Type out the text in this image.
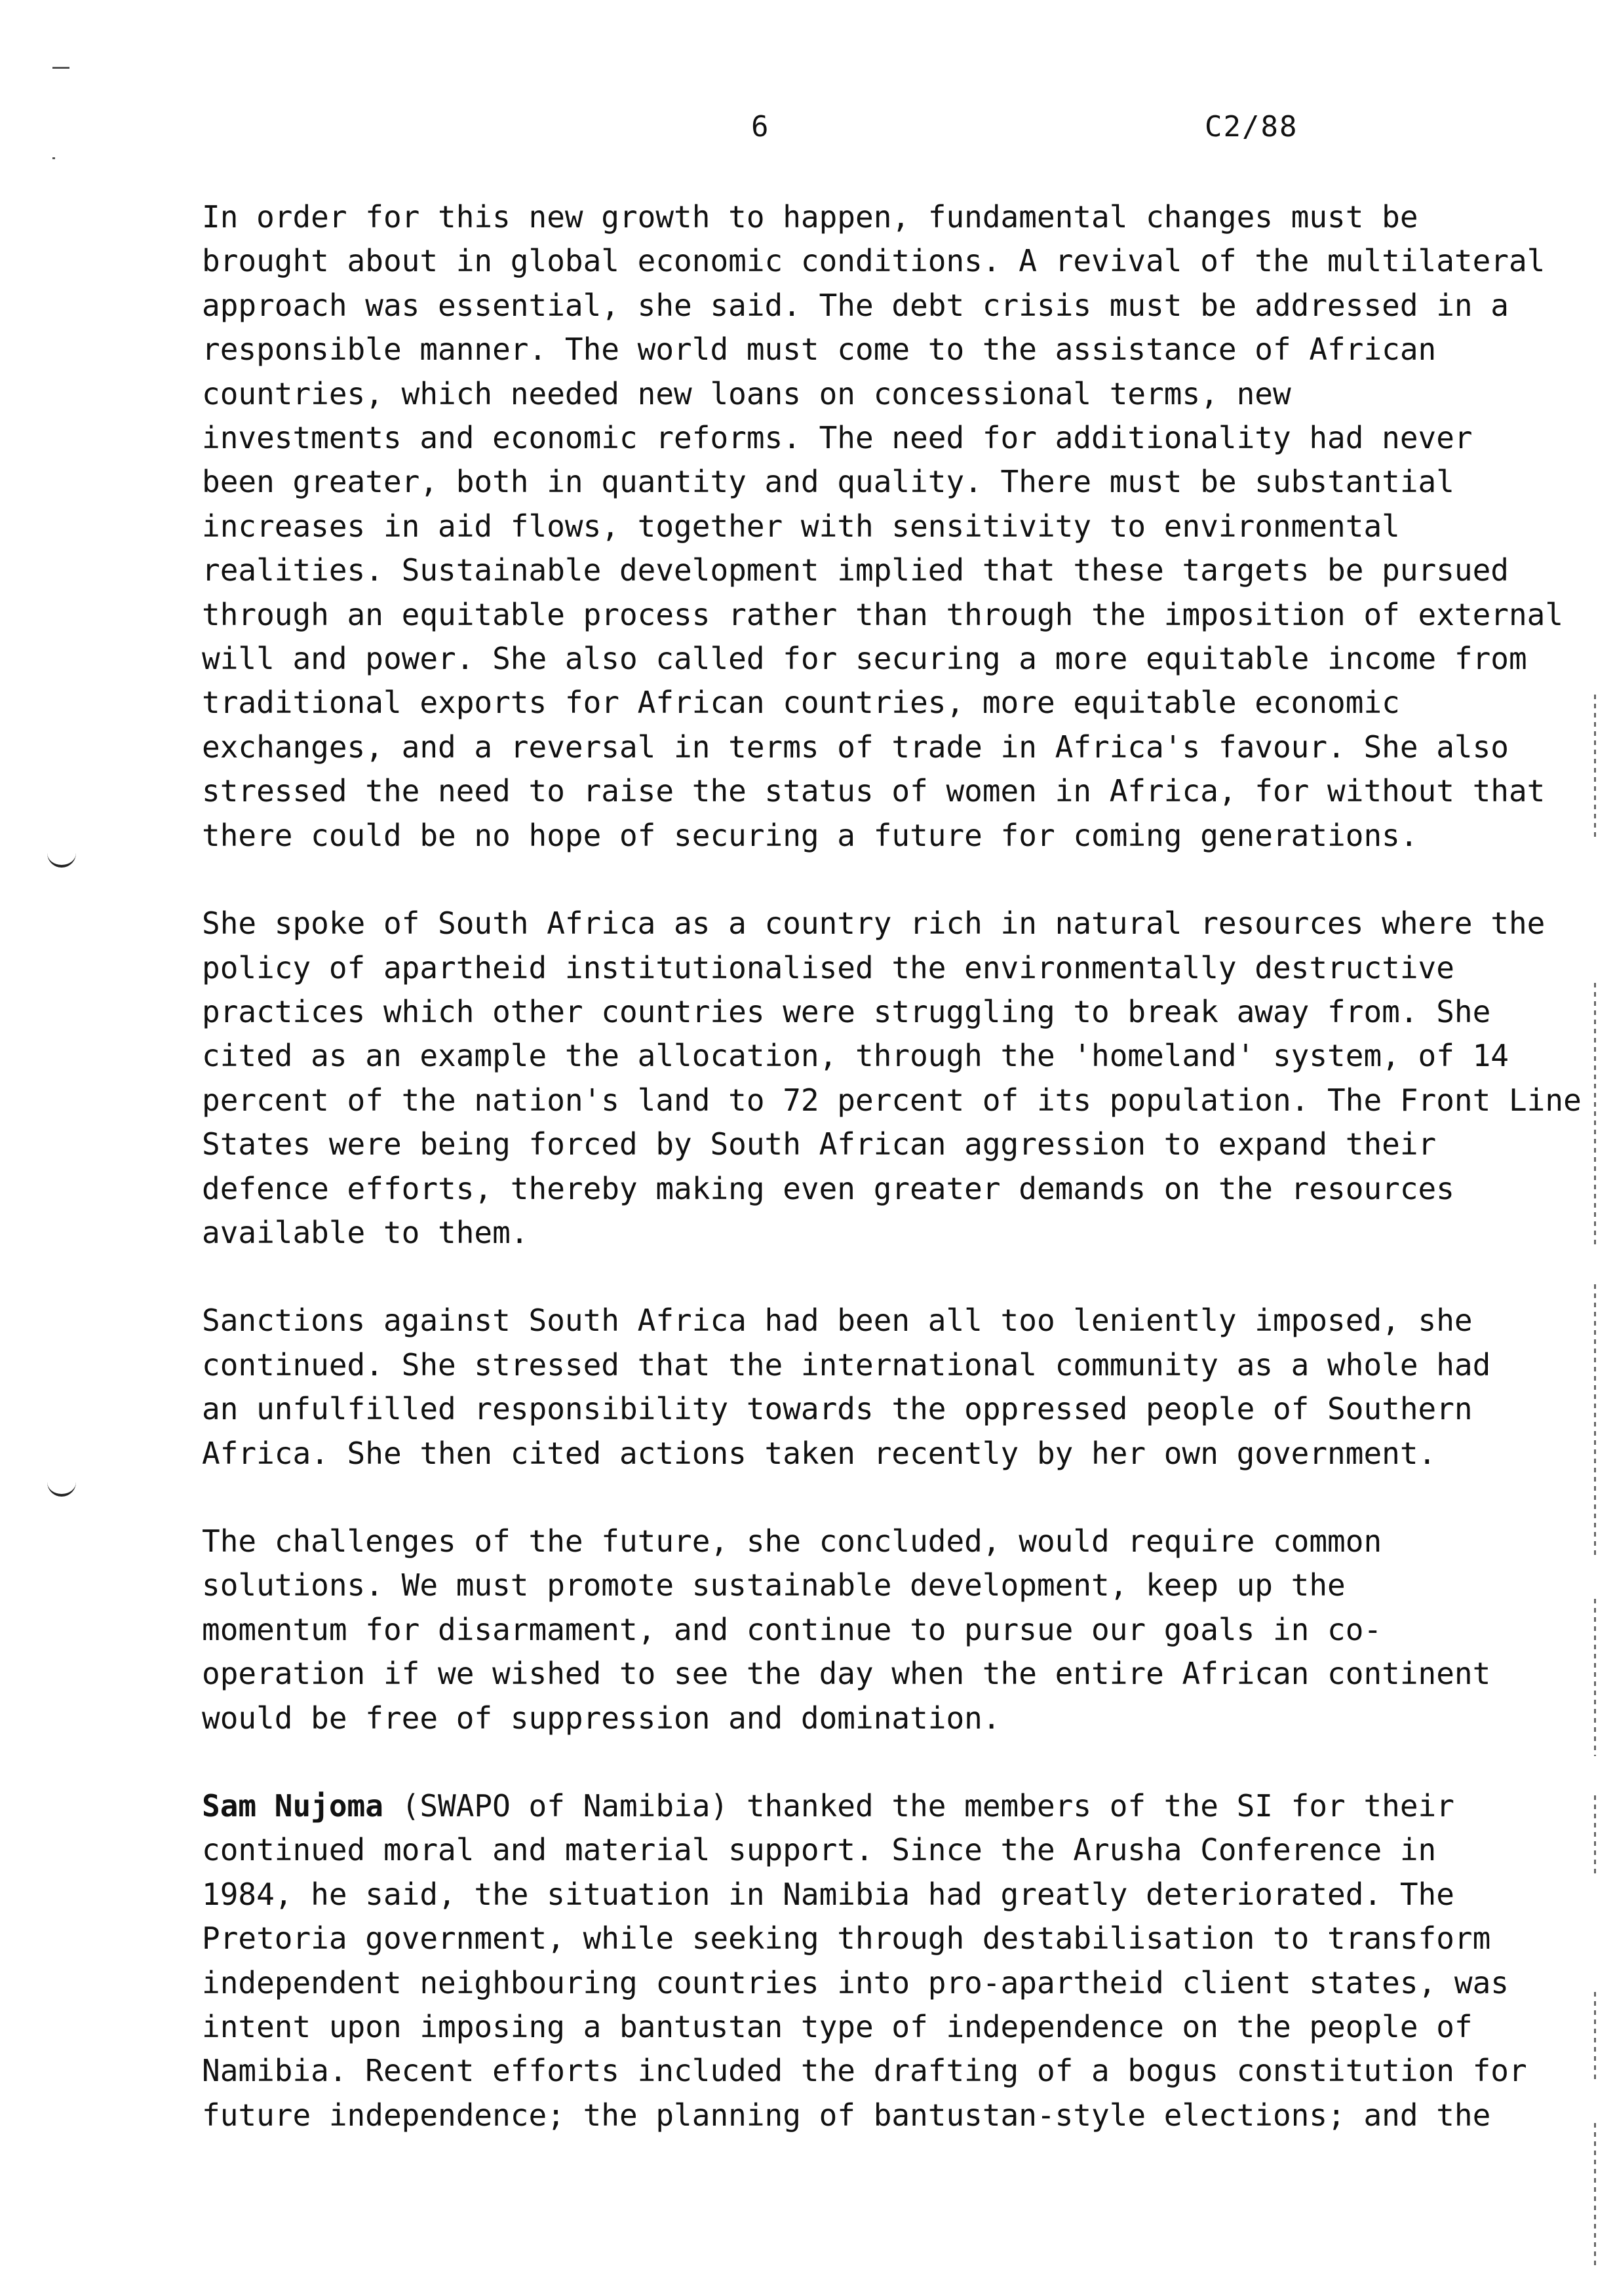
6	C2/88

In order for this new growth to happen, fundamental changes must be
brought about in global economic conditions. A revival of the multilateral
approach was essential, she said. The debt crisis must be addressed in a
responsible manner. The world must come to the assistance of African
countries, which needed new loans on concessional terms, new
investments and economic reforms. The need for additionality had never
been greater, both in quantity and quality. There must be substantial
increases in aid flows, together with sensitivity to environmental
realities. Sustainable development implied that these targets be pursued
through an equitable process rather than through the imposition of external
will and power. She also called for securing a more equitable income from
traditional exports for African countries, more equitable economic
exchanges, and a reversal in terms of trade in Africa's favour. She also
stressed the need to raise the status of women in Africa, for without that
there could be no hope of securing a future for coming generations.

She spoke of South Africa as a country rich in natural resources where the
policy of apartheid institutionalised the environmentally destructive
practices which other countries were struggling to break away from. She
cited as an example the allocation, through the 'homeland' system, of 14
percent of the nation's land to 72 percent of its population. The Front Line
States were being forced by South African aggression to expand their
defence efforts, thereby making even greater demands on the resources
available to them.

Sanctions against South Africa had been all too leniently imposed, she
continued. She stressed that the international community as a whole had
an unfulfilled responsibility towards the oppressed people of Southern
Africa. She then cited actions taken recently by her own government.

The challenges of the future, she concluded, would require common
solutions. We must promote sustainable development, keep up the
momentum for disarmament, and continue to pursue our goals in co-
operation if we wished to see the day when the entire African continent
would be free of suppression and domination.

Sam Nujoma (SWAPO of Namibia) thanked the members of the SI for their
continued moral and material support. Since the Arusha Conference in
1984, he said, the situation in Namibia had greatly deteriorated. The
Pretoria government, while seeking through destabilisation to transform
independent neighbouring countries into pro-apartheid client states, was
intent upon imposing a bantustan type of independence on the people of
Namibia. Recent efforts included the drafting of a bogus constitution for
future independence; the planning of bantustan-style elections; and the
